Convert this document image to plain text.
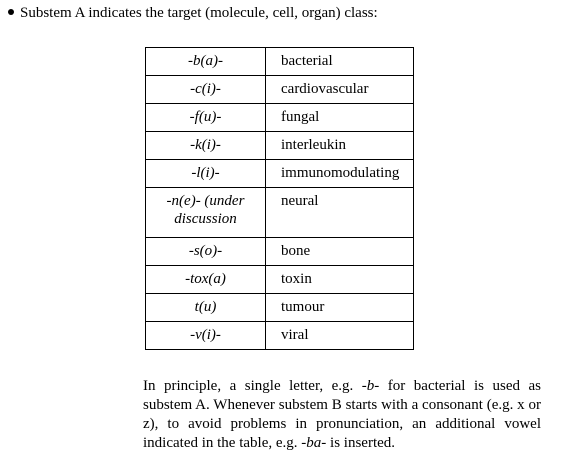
Substem A indicates the target (molecule, cell, organ) class:
-b(a)-	bacterial
-c(i)-	cardiovascular
-f(u)-	fungal
-k(i)-	interleukin
-l(i)-	immunomodulating

-n(e)- (under
discussion	neural
-s(o)-	bone
-tox(a)	toxin
t(u)	tumour
-v(i)-	viral

In principle, a single letter, e.g. -b- for bacterial is used as substem A. Whenever substem B starts with a consonant (e.g. x or z), to avoid problems in pronunciation, an additional vowel indicated in the table, e.g. -ba- is inserted.
